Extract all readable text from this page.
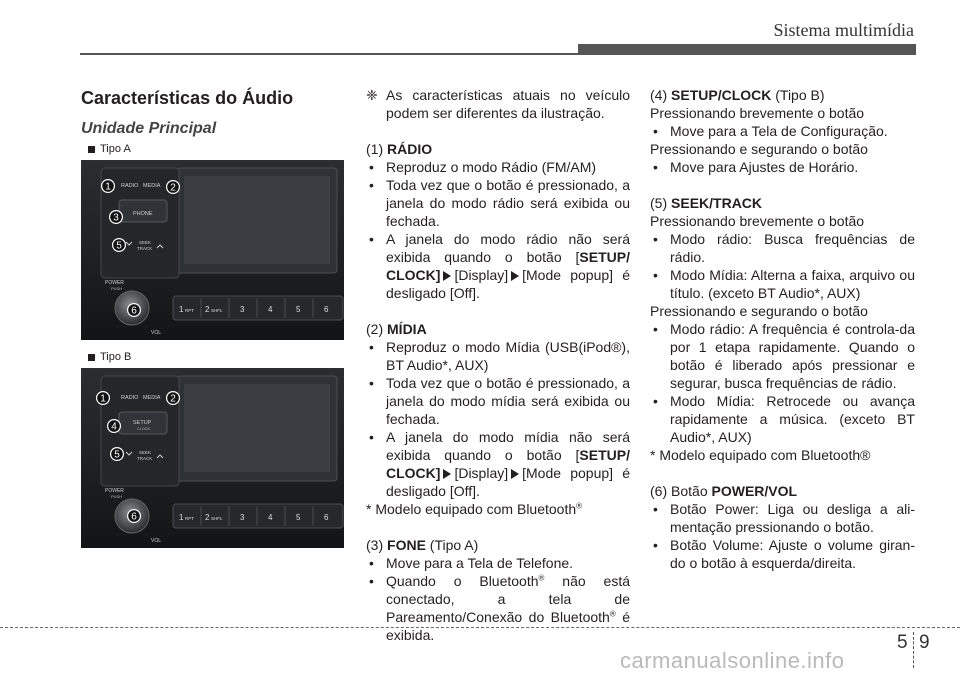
Sistema multimídia
Características do Áudio
Unidade Principal
Tipo A
RADIO MEDIA
PHONE
SEEK
TRACK
POWER
PUSH
VOL
1 RPT 2 SHFL 3	4	5	6
1	2
3
5
6
Tipo B
RADIO MEDIA
SETUP
CLOCK
SEEK
TRACK
POWER
PUSH
VOL
1 RPT 2 SHFL 3	4	5	6
1	2
4
5
6

❈ As características atuais no veículo podem ser diferentes da ilustração.

(1) RÁDIO

• Reproduz o modo Rádio (FM/AM)

• Toda vez que o botão é pressionado, a janela do modo rádio será exibida ou fechada.

• A janela do modo rádio não será exibida quando o botão [SETUP/ CLOCK] [Display] [Mode popup] é desligado [Off].

(2) MÍDIA

• Reproduz o modo Mídia (USB(iPod®), BT Audio*, AUX)

• Toda vez que o botão é pressionado, a janela do modo mídia será exibida ou fechada.

• A janela do modo mídia não será exibida quando o botão [SETUP/ CLOCK] [Display] [Mode popup] é desligado [Off].

* Modelo equipado com Bluetooth®

(3) FONE (Tipo A)

• Move para a Tela de Telefone.

• Quando o Bluetooth® não está conectado, a tela de Pareamento/Conexão do Bluetooth® é exibida.

(4) SETUP/CLOCK (Tipo B)

Pressionando brevemente o botão

• Move para a Tela de Configuração.

Pressionando e segurando o botão

• Move para Ajustes de Horário.

(5) SEEK/TRACK

Pressionando brevemente o botão

• Modo rádio: Busca frequências de rádio.

• Modo Mídia: Alterna a faixa, arquivo ou título. (exceto BT Audio*, AUX)

Pressionando e segurando o botão

• Modo rádio: A frequência é controla-da por 1 etapa rapidamente. Quando o botão é liberado após pressionar e segurar, busca frequências de rádio.

• Modo Mídia: Retrocede ou avança rapidamente a música. (exceto BT Audio*, AUX)

* Modelo equipado com Bluetooth®

(6) Botão POWER/VOL

• Botão Power: Liga ou desliga a ali-mentação pressionando o botão.

• Botão Volume: Ajuste o volume giran-do o botão à esquerda/direita.

5 9
carmanualsonline.info
